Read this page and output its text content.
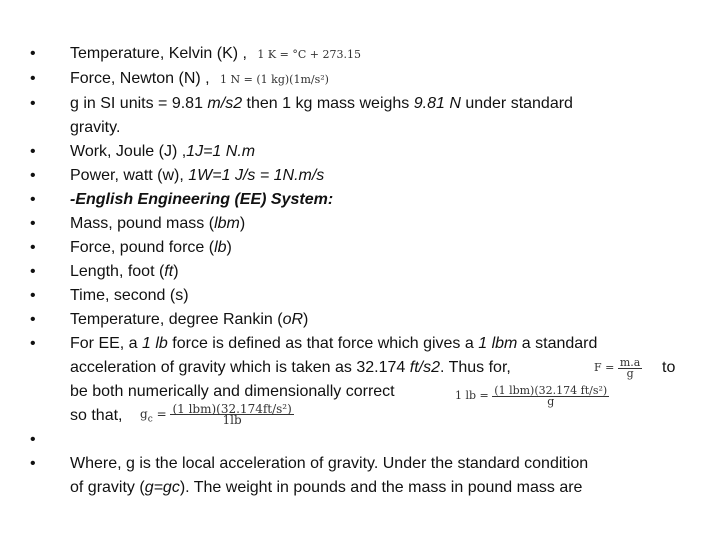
• Temperature, Kelvin (K) , 1 K = °C + 273.15
• Force, Newton (N) , 1 N = (1 kg)(1m/s²)
• g in SI units = 9.81 m/s2 then 1 kg mass weighs 9.81 N under standard
gravity.
• Work, Joule (J) ,1J=1 N.m
• Power, watt (w), 1W=1 J/s = 1N.m/s
• -English Engineering (EE) System:
• Mass, pound mass (lbm)
• Force, pound force (lb)
• Length, foot (ft)
• Time, second (s)
• Temperature, degree Rankin (oR)
• For EE, a 1 lb force is defined as that force which gives a 1 lbm a standard
acceleration of gravity which is taken as 32.174 ft/s2. Thus for,	$F = \frac{m.a}{g}$ to
be both numerically and dimensionally correct	1 lb = $\frac{\text{(1 lbm)(32.174 ft/s²)}}{g}$
so that, $g_c = \frac{\text{(1 lbm)(32.174ft/s²)}}{1lb}$
•
• Where, g is the local acceleration of gravity. Under the standard condition
of gravity (g=gc). The weight in pounds and the mass in pound mass are
